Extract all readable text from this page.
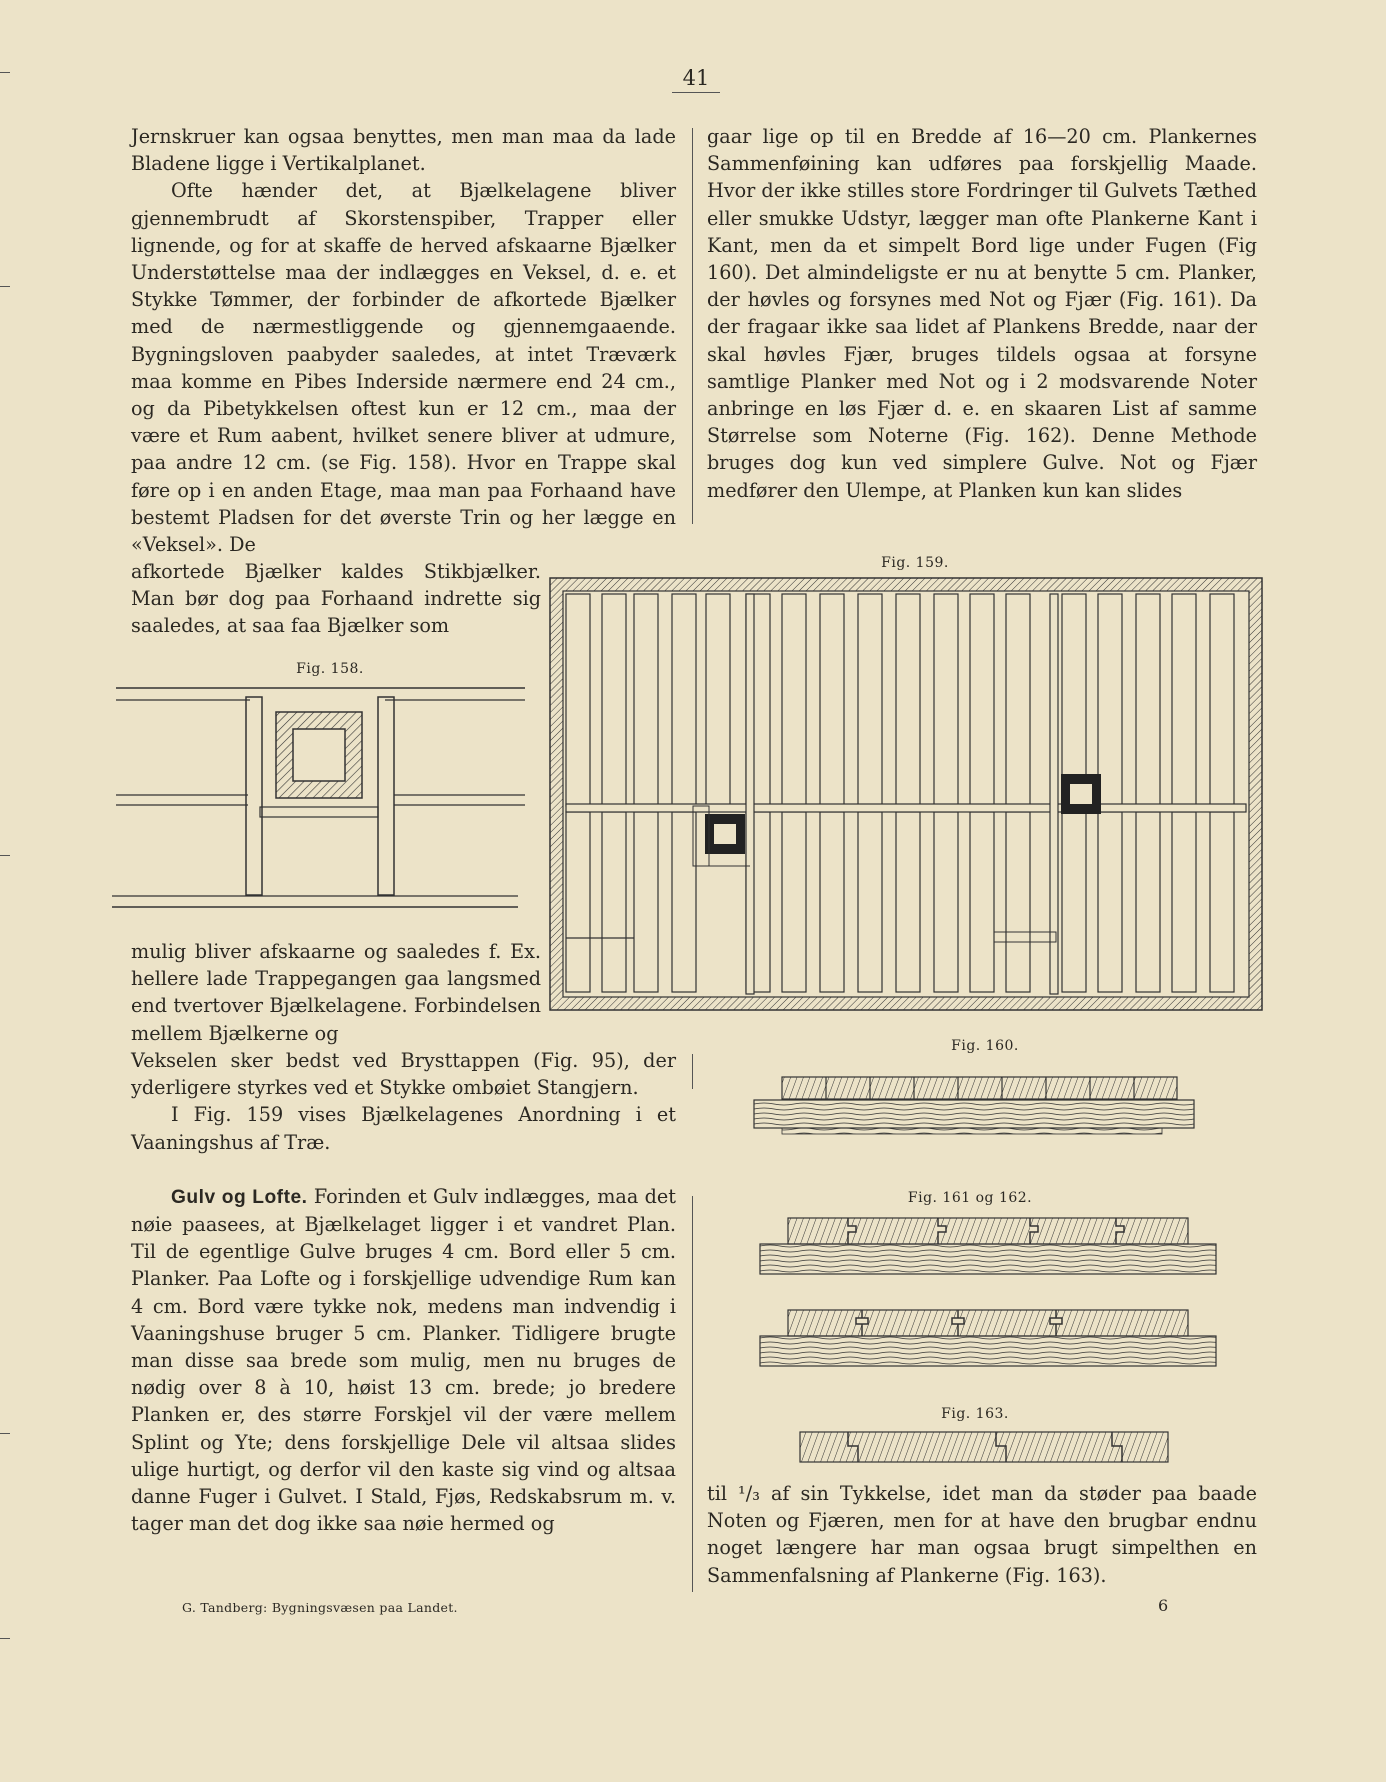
41

Jernskruer kan ogsaa benyttes, men man maa da lade Bladene ligge i Vertikalplanet.

Ofte hænder det, at Bjælkelagene bliver gjennembrudt af Skorstenspiber, Trapper eller lignende, og for at skaffe de herved afskaarne Bjælker Understøttelse maa der indlægges en Veksel, d. e. et Stykke Tømmer, der forbinder de afkortede Bjælker med de nærmestliggende og gjennemgaaende. Bygningsloven paabyder saaledes, at intet Træværk maa komme en Pibes Inderside nærmere end 24 cm., og da Pibetykkelsen oftest kun er 12 cm., maa der være et Rum aabent, hvilket senere bliver at udmure, paa andre 12 cm. (se Fig. 158). Hvor en Trappe skal føre op i en anden Etage, maa man paa Forhaand have bestemt Pladsen for det øverste Trin og her lægge en «Veksel». De

afkortede Bjælker kaldes Stikbjælker. Man bør dog paa Forhaand indrette sig saaledes, at saa faa Bjælker som

Fig. 158.

mulig bliver afskaarne og saaledes f. Ex. hellere lade Trappegangen gaa langsmed end tvertover Bjælkelagene. Forbindelsen mellem Bjælkerne og

Vekselen sker bedst ved Brysttappen (Fig. 95), der yderligere styrkes ved et Stykke ombøiet Stangjern.

I Fig. 159 vises Bjælkelagenes Anordning i et Vaaningshus af Træ.

Gulv og Lofte. Forinden et Gulv indlægges, maa det nøie paasees, at Bjælkelaget ligger i et vandret Plan. Til de egentlige Gulve bruges 4 cm. Bord eller 5 cm. Planker. Paa Lofte og i forskjellige udvendige Rum kan 4 cm. Bord være tykke nok, medens man indvendig i Vaaningshuse bruger 5 cm. Planker. Tidligere brugte man disse saa brede som mulig, men nu bruges de nødig over 8 à 10, høist 13 cm. brede; jo bredere Planken er, des større Forskjel vil der være mellem Splint og Yte; dens forskjellige Dele vil altsaa slides ulige hurtigt, og derfor vil den kaste sig vind og altsaa danne Fuger i Gulvet. I Stald, Fjøs, Redskabsrum m. v. tager man det dog ikke saa nøie hermed og

G. Tandberg: Bygningsvæsen paa Landet.

gaar lige op til en Bredde af 16—20 cm. Plankernes Sammenføining kan udføres paa forskjellig Maade. Hvor der ikke stilles store Fordringer til Gulvets Tæthed eller smukke Udstyr, lægger man ofte Plankerne Kant i Kant, men da et simpelt Bord lige under Fugen (Fig 160). Det almindeligste er nu at benytte 5 cm. Planker, der høvles og forsynes med Not og Fjær (Fig. 161). Da der fragaar ikke saa lidet af Plankens Bredde, naar der skal høvles Fjær, bruges tildels ogsaa at forsyne samtlige Planker med Not og i 2 modsvarende Noter anbringe en løs Fjær d. e. en skaaren List af samme Størrelse som Noterne (Fig. 162). Denne Methode bruges dog kun ved simplere Gulve. Not og Fjær medfører den Ulempe, at Planken kun kan slides

Fig. 159.
Fig. 160.
Fig. 161 og 162.
Fig. 163.

til ¹/₃ af sin Tykkelse, idet man da støder paa baade Noten og Fjæren, men for at have den brugbar endnu noget længere har man ogsaa brugt simpelthen en Sammenfalsning af Plankerne (Fig. 163).

6
